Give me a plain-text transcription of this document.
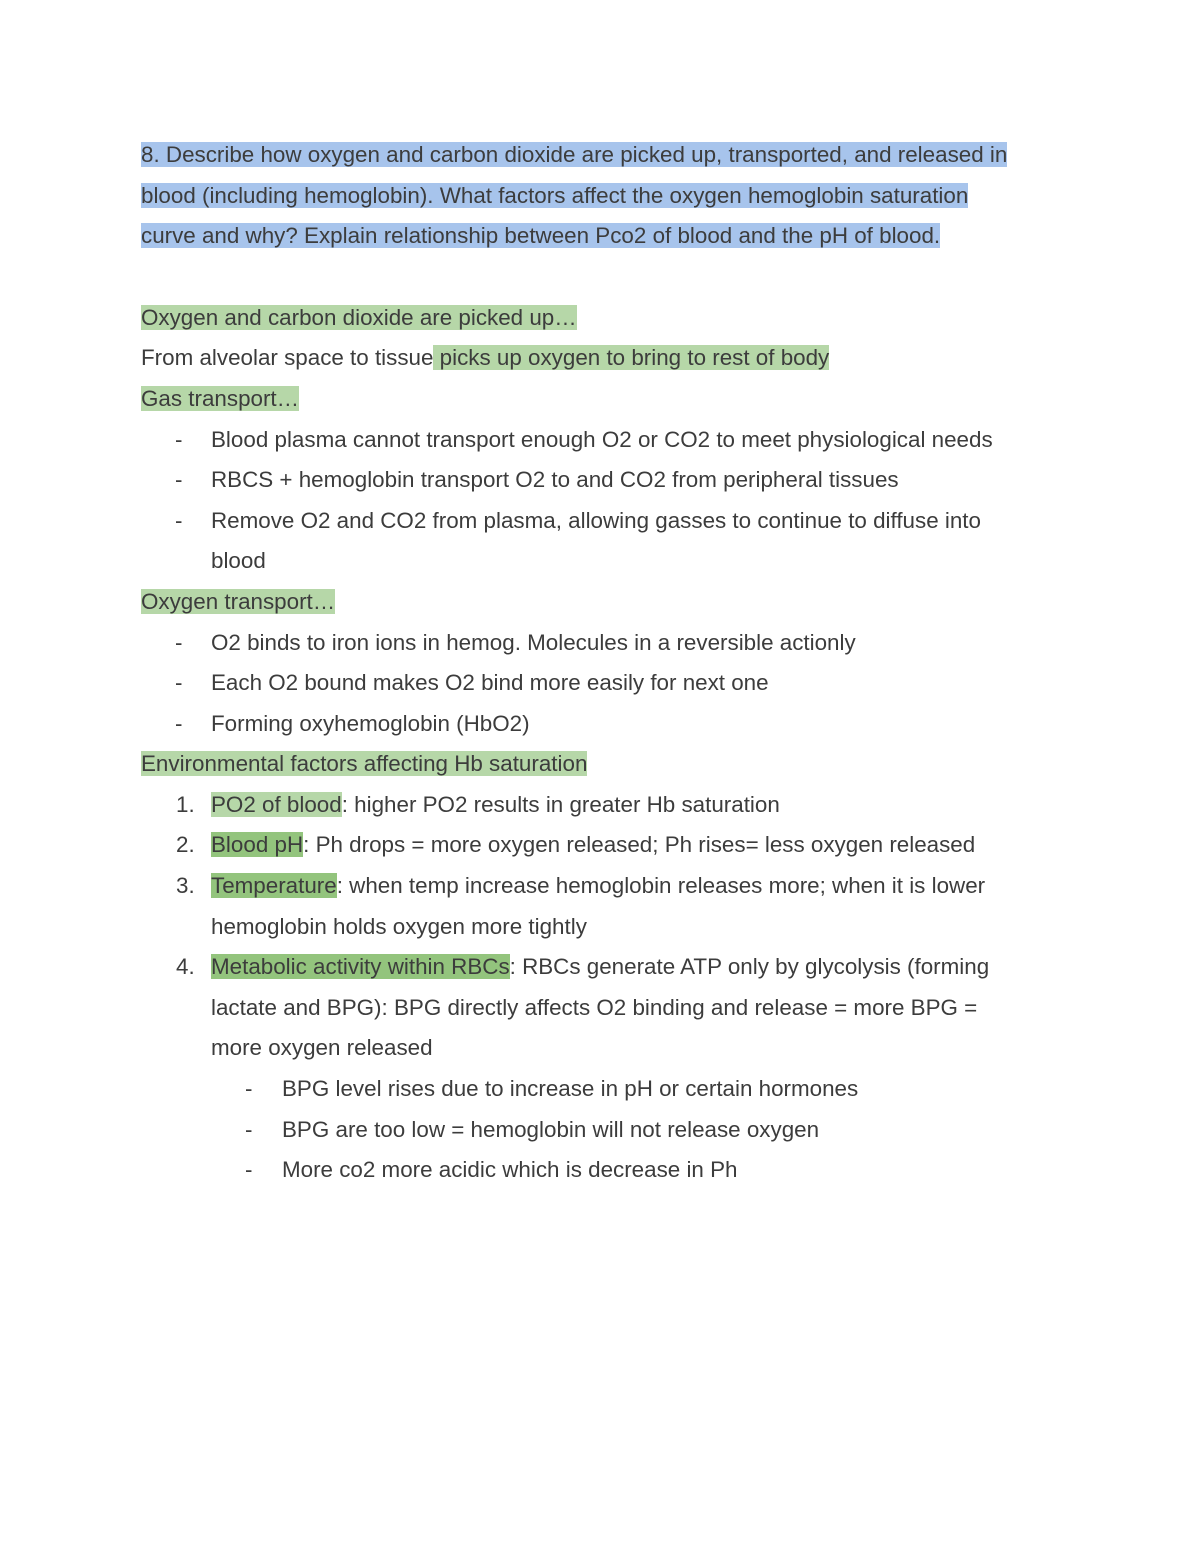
8. Describe how oxygen and carbon dioxide are picked up, transported, and released in
blood (including hemoglobin). What factors affect the oxygen hemoglobin saturation
curve and why? Explain relationship between Pco2 of blood and the pH of blood.
Oxygen and carbon dioxide are picked up…
From alveolar space to tissue picks up oxygen to bring to rest of body
Gas transport…
- Blood plasma cannot transport enough O2 or CO2 to meet physiological needs
- RBCS + hemoglobin transport O2 to and CO2 from peripheral tissues
- Remove O2 and CO2 from plasma, allowing gasses to continue to diffuse into
blood
Oxygen transport…
- O2 binds to iron ions in hemog. Molecules in a reversible actionly
- Each O2 bound makes O2 bind more easily for next one
- Forming oxyhemoglobin (HbO2)
Environmental factors affecting Hb saturation
1. PO2 of blood: higher PO2 results in greater Hb saturation
2. Blood pH: Ph drops = more oxygen released; Ph rises= less oxygen released
3. Temperature: when temp increase hemoglobin releases more; when it is lower
hemoglobin holds oxygen more tightly
4. Metabolic activity within RBCs: RBCs generate ATP only by glycolysis (forming
lactate and BPG): BPG directly affects O2 binding and release = more BPG =
more oxygen released
- BPG level rises due to increase in pH or certain hormones
- BPG are too low = hemoglobin will not release oxygen
- More co2 more acidic which is decrease in Ph
